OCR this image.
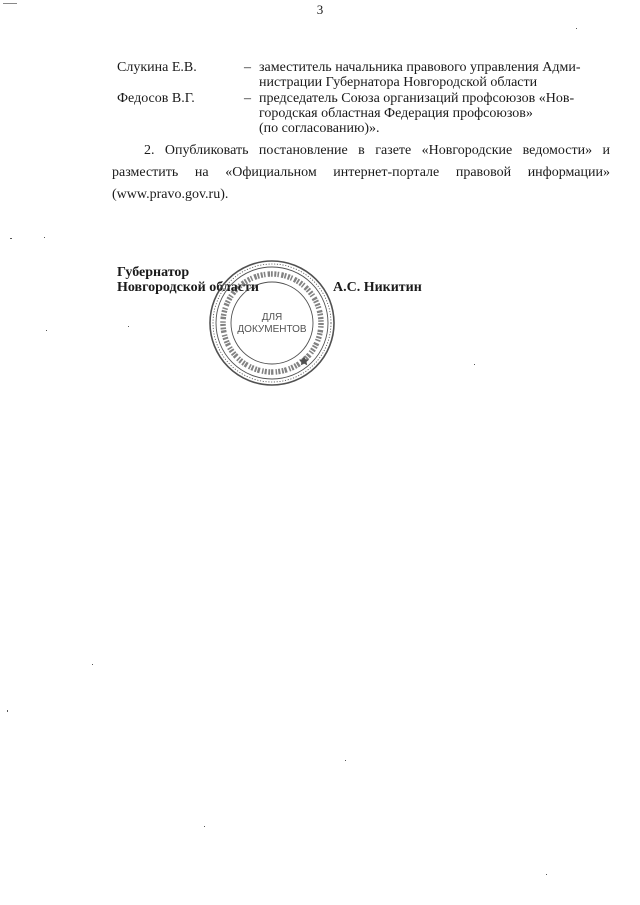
3
Слукина Е.В.	– заместитель начальника правового управления Адми-
нистрации Губернатора Новгородской области
Федосов В.Г.	– председатель Союза организаций профсоюзов «Нов-
городская областная Федерация профсоюзов»
(по согласованию)».
2. Опубликовать постановление в газете «Новгородские ведомости» и
разместить на «Официальном интернет-портале правовой информации»
(www.pravo.gov.ru).
Губернатор
Новгородской области	А.С. Никитин
ДЛЯ
ДОКУМЕНТОВ
